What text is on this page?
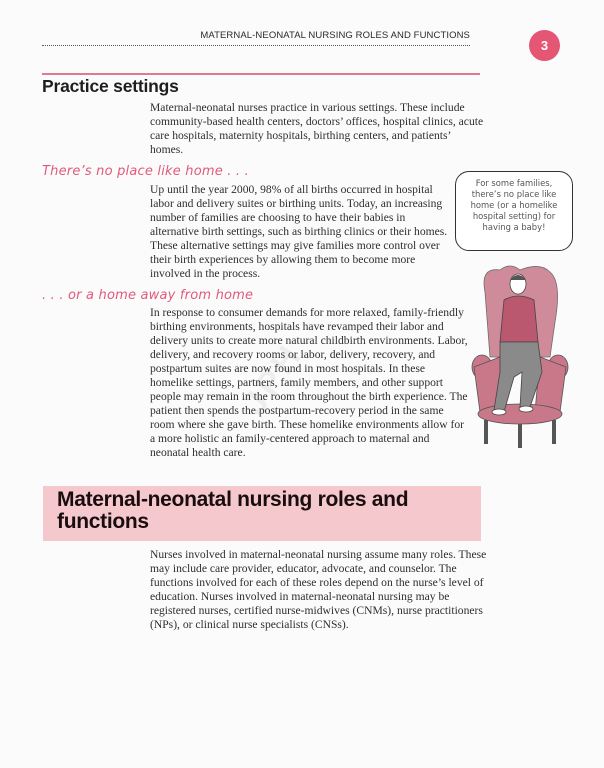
MATERNAL-NEONATAL NURSING ROLES AND FUNCTIONS
3
JPH
Practice settings

Maternal-neonatal nurses practice in various settings. These include community-based health centers, doctors’ offices, hospital clinics, acute care hospitals, maternity hospitals, birthing centers, and patients’ homes.

There’s no place like home . . .

Up until the year 2000, 98% of all births occurred in hospital labor and delivery suites or birthing units. Today, an increasing number of families are choosing to have their babies in alternative birth settings, such as birthing clinics or their homes. These alternative settings may give families more control over their birth experiences by allowing them to become more involved in the process.

. . . or a home away from home

In response to consumer demands for more relaxed, family-friendly birthing environments, hospitals have revamped their labor and delivery units to create more natural childbirth environments. Labor, delivery, and recovery rooms or labor, delivery, recovery, and postpartum suites are now found in most hospitals. In these homelike settings, partners, family members, and other support people may remain in the room throughout the birth experience. The patient then spends the postpartum-recovery period in the same room where she gave birth. These homelike environments allow for a more holistic an family-centered approach to maternal and neonatal health care.

For some families, there’s no place like home (or a homelike hospital setting) for having a baby!
Maternal-neonatal nursing roles and functions

Nurses involved in maternal-neonatal nursing assume many roles. These may include care provider, educator, advocate, and counselor. The functions involved for each of these roles depend on the nurse’s level of education. Nurses involved in maternal-neonatal nursing may be registered nurses, certified nurse-midwives (CNMs), nurse practitioners (NPs), or clinical nurse specialists (CNSs).
